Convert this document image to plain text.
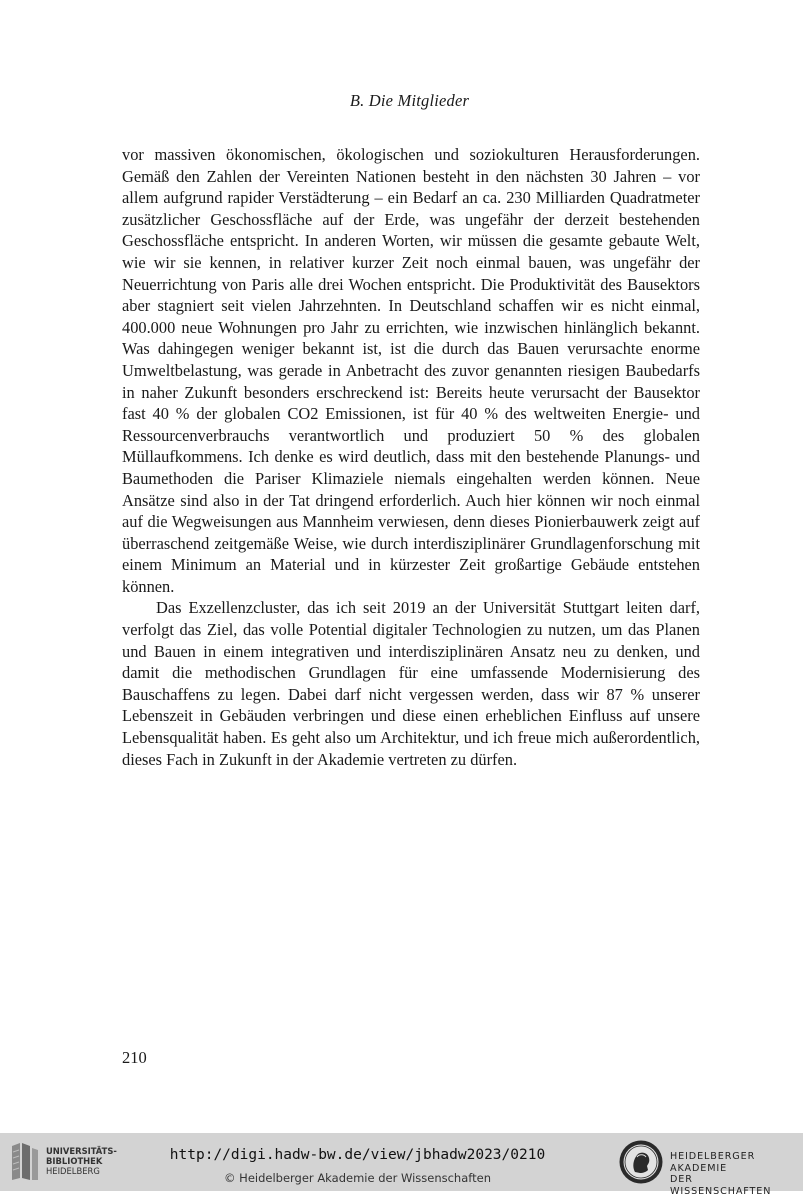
B. Die Mitglieder

vor massiven ökonomischen, ökologischen und soziokulturen Herausforderungen. Gemäß den Zahlen der Vereinten Nationen besteht in den nächsten 30 Jahren – vor allem aufgrund rapider Verstädterung – ein Bedarf an ca. 230 Milliarden Quadratmeter zusätzlicher Geschossfläche auf der Erde, was ungefähr der derzeit bestehenden Geschossfläche entspricht. In anderen Worten, wir müssen die gesamte gebaute Welt, wie wir sie kennen, in relativer kurzer Zeit noch einmal bauen, was ungefähr der Neuerrichtung von Paris alle drei Wochen entspricht. Die Produktivität des Bausektors aber stagniert seit vielen Jahrzehnten. In Deutschland schaffen wir es nicht einmal, 400.000 neue Wohnungen pro Jahr zu errichten, wie inzwischen hinlänglich bekannt. Was dahingegen weniger bekannt ist, ist die durch das Bauen verursachte enorme Umweltbelastung, was gerade in Anbetracht des zuvor genannten riesigen Baubedarfs in naher Zukunft besonders erschreckend ist: Bereits heute verursacht der Bausektor fast 40 % der globalen CO2 Emissionen, ist für 40 % des weltweiten Energie- und Ressourcenverbrauchs verantwortlich und produziert 50 % des globalen Müllaufkommens. Ich denke es wird deutlich, dass mit den bestehende Planungs- und Baumethoden die Pariser Klimaziele niemals eingehalten werden können. Neue Ansätze sind also in der Tat dringend erforderlich. Auch hier können wir noch einmal auf die Wegweisungen aus Mannheim verwiesen, denn dieses Pionierbauwerk zeigt auf überraschend zeitgemäße Weise, wie durch interdisziplinärer Grundlagenforschung mit einem Minimum an Material und in kürzester Zeit großartige Gebäude entstehen können.

Das Exzellenzcluster, das ich seit 2019 an der Universität Stuttgart leiten darf, verfolgt das Ziel, das volle Potential digitaler Technologien zu nutzen, um das Planen und Bauen in einem integrativen und interdisziplinären Ansatz neu zu denken, und damit die methodischen Grundlagen für eine umfassende Modernisierung des Bauschaffens zu legen. Dabei darf nicht vergessen werden, dass wir 87 % unserer Lebenszeit in Gebäuden verbringen und diese einen erheblichen Einfluss auf unsere Lebensqualität haben. Es geht also um Architektur, und ich freue mich außerordentlich, dieses Fach in Zukunft in der Akademie vertreten zu dürfen.

210
UNIVERSITÄTS-
BIBLIOTHEK
HEIDELBERG
http://digi.hadw-bw.de/view/jbhadw2023/0210
© Heidelberger Akademie der Wissenschaften
HEIDELBERGER AKADEMIE
DER WISSENSCHAFTEN
